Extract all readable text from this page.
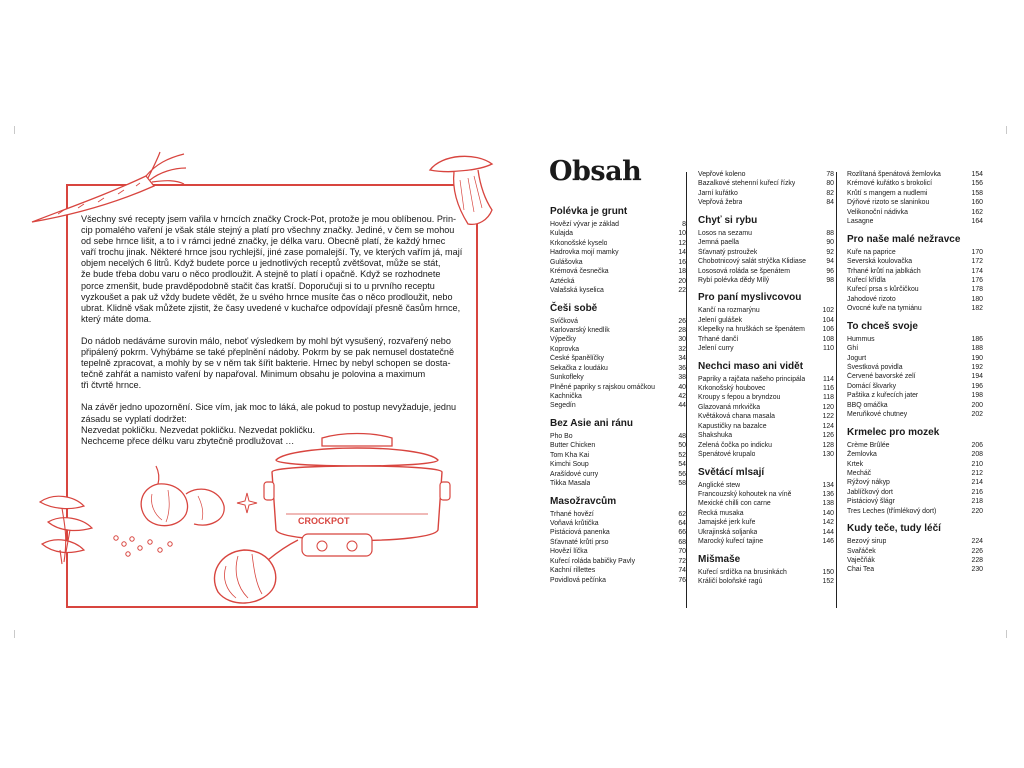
Všechny své recepty jsem vařila v hrncích značky Crock-Pot, protože je mou oblíbenou. Prin-
cip pomalého vaření je však stále stejný a platí pro všechny značky. Jediné, v čem se mohou
od sebe hrnce lišit, a to i v rámci jedné značky, je délka varu. Obecně platí, že každý hrnec
vaří trochu jinak. Některé hrnce jsou rychlejší, jiné zase pomalejší. Ty, ve kterých vařím já, mají
objem necelých 6 litrů. Když budete porce u jednotlivých receptů zvětšovat, může se stát,
že bude třeba dobu varu o něco prodloužit. A stejně to platí i opačně. Když se rozhodnete
porce zmenšit, bude pravděpodobně stačit čas kratší. Doporučuji si to u prvního receptu
vyzkoušet a pak už vždy budete vědět, že u svého hrnce musíte čas o něco prodloužit, nebo
ubrat. Klidně však můžete zjistit, že časy uvedené v kuchařce odpovídají přesně časům hrnce,
který máte doma.

Do nádob nedáváme surovin málo, neboť výsledkem by mohl být vysušený, rozvařený nebo
připálený pokrm. Vyhýbáme se také přeplnění nádoby. Pokrm by se pak nemusel dostatečně
tepelně zpracovat, a mohly by se v něm tak šířit bakterie. Hrnec by nebyl schopen se dosta-
tečně zahřát a namisto vaření by napařoval. Minimum obsahu je polovina a maximum
tři čtvrtě hrnce.

Na závěr jedno upozornění. Sice vím, jak moc to láká, ale pokud to postup nevyžaduje, jednu
zásadu se vyplatí dodržet:
Nezvedat pokličku. Nezvedat pokličku. Nezvedat pokličku.
Nechceme přece délku varu zbytečně prodlužovat …

CROCKPOT
Obsah
Polévka je grunt
Hovězí vývar je základ	8
Kulajda	10
Krkonošské kyselo	12
Hadrovka mojí mamky	14
Gulášovka	16
Krémová česnečka	18
Aztécká	20
Valašská kyselica	22
Češi sobě
Svíčková	26
Karlovarský knedlík	28
Výpečky	30
Koprovka	32
České španělíčky	34
Sekačka z loudáku	36
Šunkofleky	38
Plněné papriky s rajskou omáčkou	40
Kachnička	42
Segedín	44
Bez Asie ani ránu
Pho Bo	48
Butter Chicken	50
Tom Kha Kai	52
Kimchi Soup	54
Arašídové curry	56
Tikka Masala	58
Masožravcům
Trhané hovězí	62
Voňavá krůtička	64
Pistáciová panenka	66
Šťavnaté krůtí prso	68
Hovězí líčka	70
Kuřecí roláda babičky Pavly	72
Kachní rillettes	74
Povidlová pečínka	76
Vepřové koleno	78
Bazalkové stehenní kuřecí řízky	80
Jarní kuřátko	82
Vepřová žebra	84
Chyť si rybu
Losos na sezamu	88
Jemná paella	90
Šťavnatý pstroužek	92
Chobotnicový salát strýčka Klidiase	94
Lososová roláda se špenátem	96
Rybí polévka dědy Mílý	98
Pro paní myslivcovou
Kančí na rozmarýnu	102
Jelení gulášek	104
Klepelky na hruškách se špenátem	106
Trhané dančí	108
Jelení curry	110
Nechci maso ani vidět
Papriky a rajčata našeho principála	114
Krkonošský houbovec	116
Kroupy s fepou a bryndzou	118
Glazovaná mrkvička	120
Květáková chana masala	122
Kapustičky na bazalce	124
Shakshuka	126
Zelená čočka po indicku	128
Špenátové krupalo	130
Světácí mlsají
Anglické stew	134
Francouzský kohoutek na víně	136
Mexické chilli con carne	138
Řecká musaka	140
Jamajské jerk kuře	142
Ukrajinská soljanka	144
Marocký kuřecí tajine	146
Mišmaše
Kuřecí srdíčka na brusinkách	150
Králičí boloňské ragú	152
Rozlítaná špenátová žemlovka	154
Krémové kuřátko s brokolicí	156
Krůtí s mangem a nudlemi	158
Dýňové rizoto se slaninkou	160
Velikonoční nádivka	162
Lasagne	164
Pro naše malé nežravce
Kuře na paprice	170
Severská koulovačka	172
Trhané krůtí na jablkách	174
Kuřecí křídla	176
Kuřecí prsa s kůrčičkou	178
Jahodové rizoto	180
Ovocné kuře na tymiánu	182
To chceš svoje
Hummus	186
Ghí	188
Jogurt	190
Švestková povidla	192
Červené bavorské zelí	194
Domácí škvarky	196
Paštika z kuřecích jater	198
BBQ omáčka	200
Meruňkové chutney	202
Krmelec pro mozek
Crème Brûlée	206
Žemlovka	208
Krtek	210
Mecháč	212
Rýžový nákyp	214
Jablíčkový dort	216
Pistáciový šlágr	218
Tres Leches (třímlékový dort)	220
Kudy teče, tudy léčí
Bezový sirup	224
Svařáček	226
Vaječňák	228
Chai Tea	230
